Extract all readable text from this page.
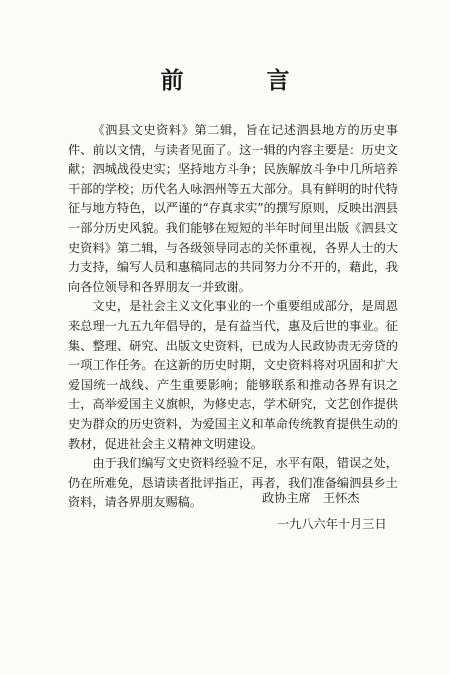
前　言

《泗县文史资料》第二辑，旨在记述泗县地方的历史事件、前以文情，与读者见面了。这一辑的内容主要是：历史文献；泗城战役史实；坚持地方斗争；民族解放斗争中几所培养干部的学校；历代名人咏泗州等五大部分。具有鲜明的时代特征与地方特色，以严谨的“存真求实”的撰写原则，反映出泗县一部分历史风貌。我们能够在短短的半年时间里出版《泗县文史资料》第二辑，与各级领导同志的关怀重视，各界人士的大力支持，编写人员和惠稿同志的共同努力分不开的，藉此，我向各位领导和各界朋友一并致谢。

文史，是社会主义文化事业的一个重要组成部分，是周恩来总理一九五九年倡导的，是有益当代，惠及后世的事业。征集、整理、研究、出版文史资料，已成为人民政协责无旁贷的一项工作任务。在这新的历史时期，文史资料将对巩固和扩大爱国统一战线、产生重要影响；能够联系和推动各界有识之士，高举爱国主义旗帜，为修史志，学术研究，文艺创作提供史为群众的历史资料，为爱国主义和革命传统教育提供生动的教材，促进社会主义精神文明建设。

由于我们编写文史资料经验不足，水平有限，错误之处，仍在所难免，恳请读者批评指正，再者，我们准备编泗县乡土资料，请各界朋友赐稿。	政协主席　王怀杰
一九八六年十月三日
